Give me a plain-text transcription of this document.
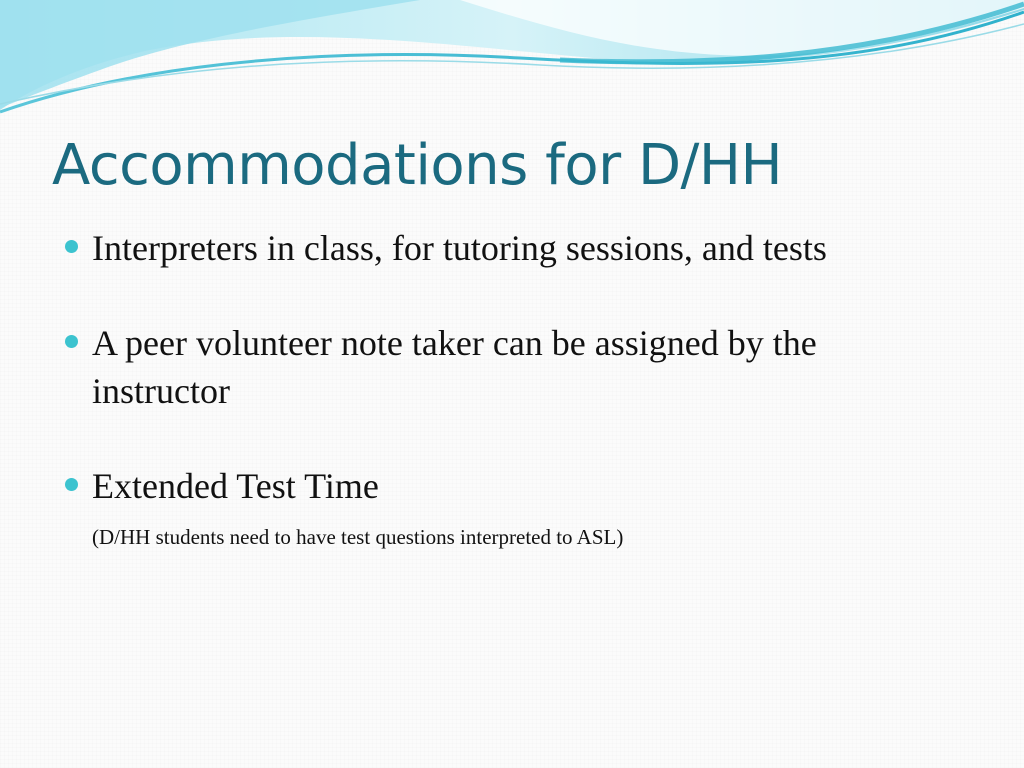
Accommodations for D/HH
Interpreters in class, for tutoring sessions, and tests
A peer volunteer note taker can be assigned by the instructor
Extended Test Time
(D/HH students need to have test questions interpreted to ASL)
